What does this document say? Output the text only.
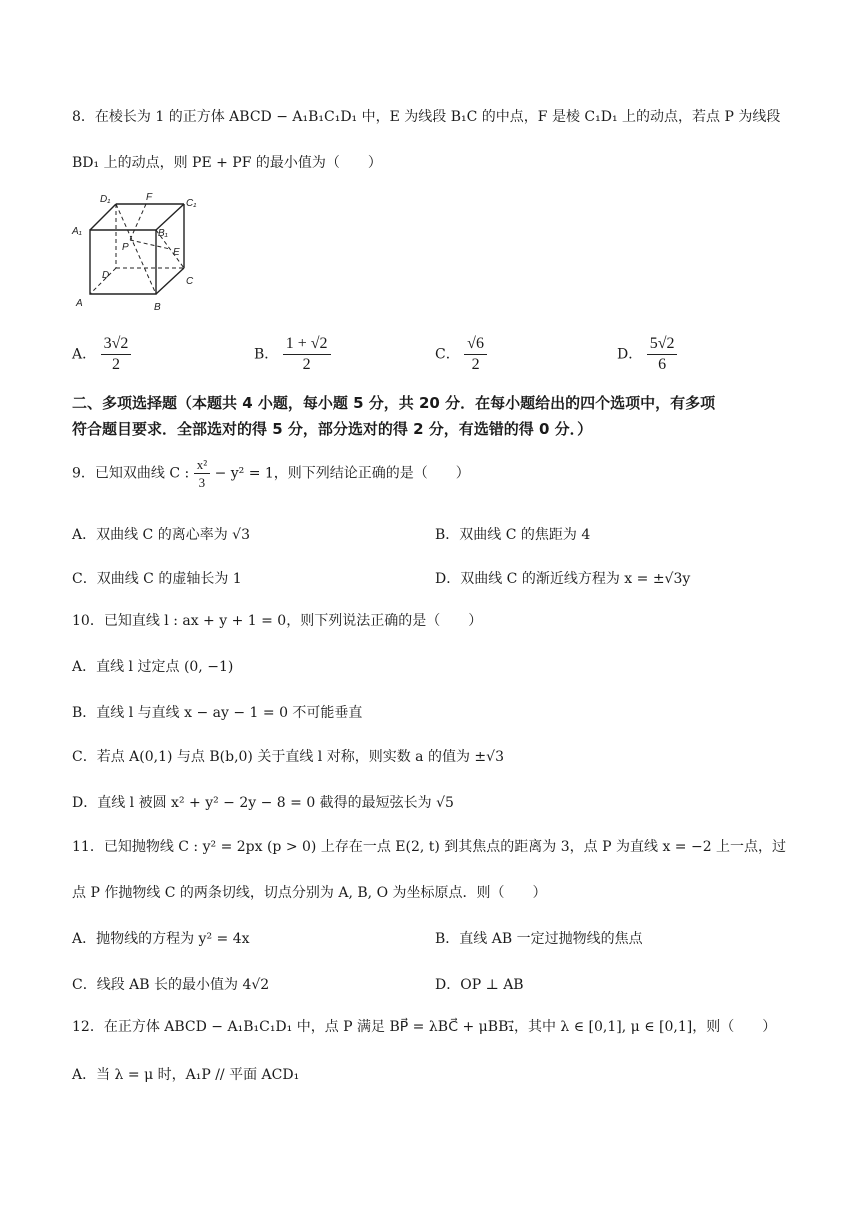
8．在棱长为 1 的正方体 ABCD − A₁B₁C₁D₁ 中，E 为线段 B₁C 的中点，F 是棱 C₁D₁ 上的动点，若点 P 为线段
BD₁ 上的动点，则 PE + PF 的最小值为（　　）
D₁	F
C₁
A₁	B₁
P	E
D
C
A	B
A． $\frac{3√2}{2}$	B． $\frac{1 + √2}{2}$	C． $\frac{√6}{2}$	D． $\frac{5√2}{6}$
二、多项选择题（本题共 4 小题，每小题 5 分，共 20 分．在每小题给出的四个选项中，有多项
符合题目要求．全部选对的得 5 分，部分选对的得 2 分，有选错的得 0 分．）
9．已知双曲线 C : $\frac{\text{x²}}{3} - y^2 = 1$，则下列结论正确的是（　　）
A．双曲线 C 的离心率为 √3	B．双曲线 C 的焦距为 4
C．双曲线 C 的虚轴长为 1	D．双曲线 C 的渐近线方程为 x = ±√3y
10．已知直线 l : ax + y + 1 = 0，则下列说法正确的是（　　）
A．直线 l 过定点 (0, −1)
B．直线 l 与直线 x − ay − 1 = 0 不可能垂直
C．若点 A(0,1) 与点 B(b,0) 关于直线 l 对称，则实数 a 的值为 ±√3
D．直线 l 被圆 x² + y² − 2y − 8 = 0 截得的最短弦长为 √5
11．已知抛物线 C : y² = 2px (p > 0) 上存在一点 E(2, t) 到其焦点的距离为 3，点 P 为直线 x = −2 上一点，过
点 P 作抛物线 C 的两条切线，切点分别为 A, B, O 为坐标原点．则（　　）
A．抛物线的方程为 y² = 4x	B．直线 AB 一定过抛物线的焦点
C．线段 AB 长的最小值为 4√2	D．OP ⊥ AB
12．在正方体 ABCD − A₁B₁C₁D₁ 中，点 P 满足 BP⃗ = λBC⃗ + μBB₁⃗，其中 λ ∈ [0,1], μ ∈ [0,1]，则（　　）
A．当 λ = μ 时，A₁P // 平面 ACD₁
